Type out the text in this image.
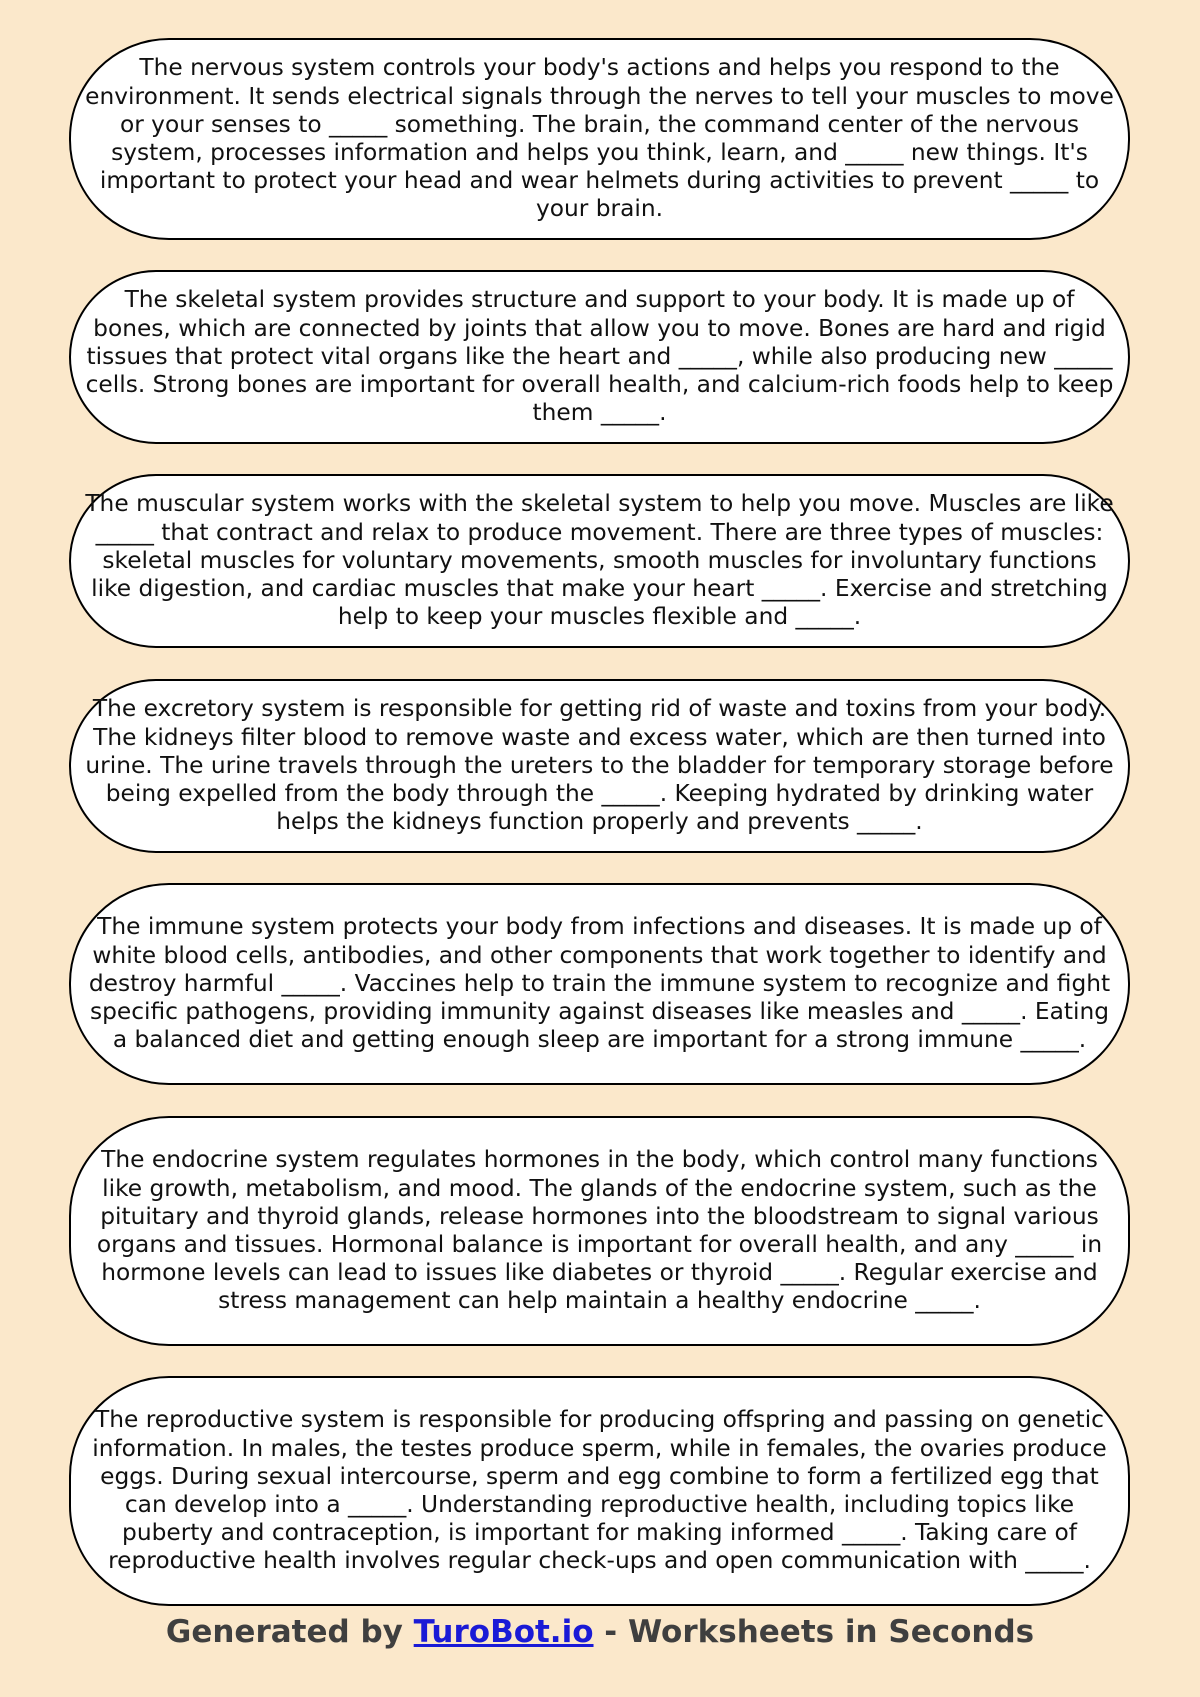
The nervous system controls your body's actions and helps you respond to the environment. It sends electrical signals through the nerves to tell your muscles to move or your senses to _____ something. The brain, the command center of the nervous system, processes information and helps you think, learn, and _____ new things. It's important to protect your head and wear helmets during activities to prevent _____ to your brain.

The skeletal system provides structure and support to your body. It is made up of bones, which are connected by joints that allow you to move. Bones are hard and rigid tissues that protect vital organs like the heart and _____, while also producing new _____ cells. Strong bones are important for overall health, and calcium-rich foods help to keep them _____.

The muscular system works with the skeletal system to help you move. Muscles are like _____ that contract and relax to produce movement. There are three types of muscles: skeletal muscles for voluntary movements, smooth muscles for involuntary functions like digestion, and cardiac muscles that make your heart _____. Exercise and stretching help to keep your muscles flexible and _____.

The excretory system is responsible for getting rid of waste and toxins from your body. The kidneys filter blood to remove waste and excess water, which are then turned into urine. The urine travels through the ureters to the bladder for temporary storage before being expelled from the body through the _____. Keeping hydrated by drinking water helps the kidneys function properly and prevents _____.

The immune system protects your body from infections and diseases. It is made up of white blood cells, antibodies, and other components that work together to identify and destroy harmful _____. Vaccines help to train the immune system to recognize and fight specific pathogens, providing immunity against diseases like measles and _____. Eating a balanced diet and getting enough sleep are important for a strong immune _____.

The endocrine system regulates hormones in the body, which control many functions like growth, metabolism, and mood. The glands of the endocrine system, such as the pituitary and thyroid glands, release hormones into the bloodstream to signal various organs and tissues. Hormonal balance is important for overall health, and any _____ in hormone levels can lead to issues like diabetes or thyroid _____. Regular exercise and stress management can help maintain a healthy endocrine _____.

The reproductive system is responsible for producing offspring and passing on genetic information. In males, the testes produce sperm, while in females, the ovaries produce eggs. During sexual intercourse, sperm and egg combine to form a fertilized egg that can develop into a _____. Understanding reproductive health, including topics like puberty and contraception, is important for making informed _____. Taking care of reproductive health involves regular check-ups and open communication with _____.

Generated by TuroBot.io - Worksheets in Seconds
